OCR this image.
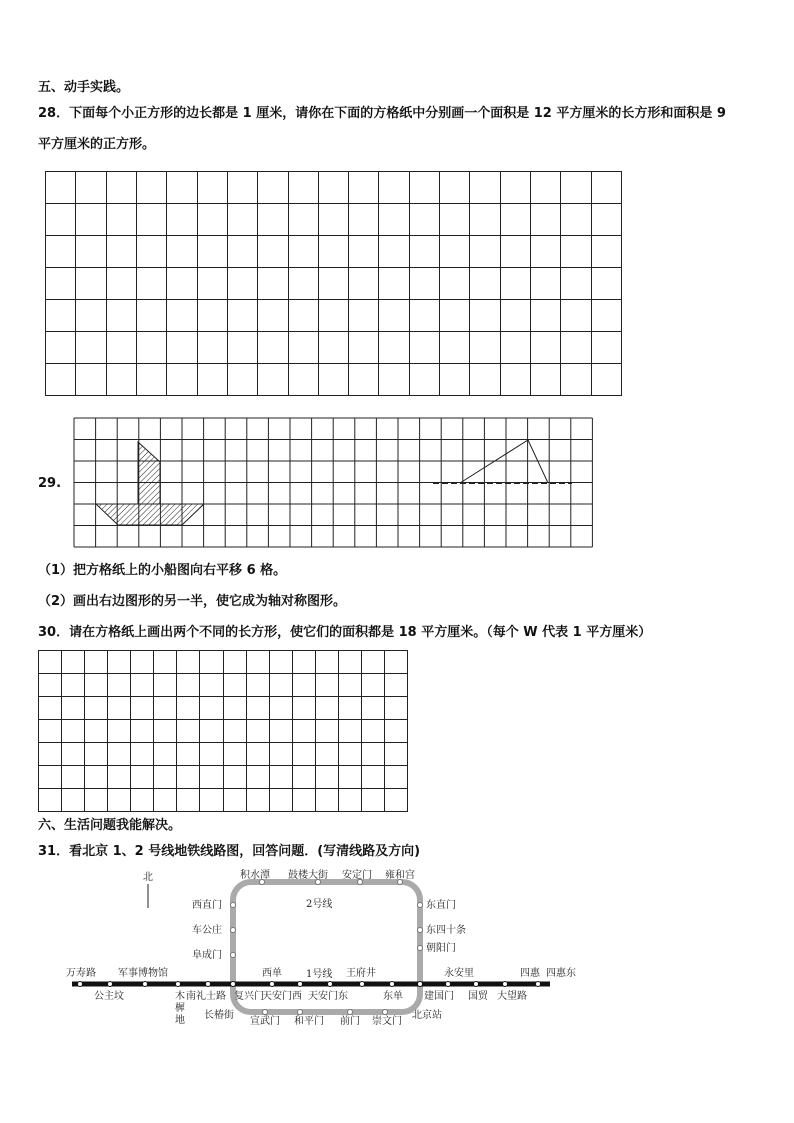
五、动手实践。
28．下面每个小正方形的边长都是 1 厘米，请你在下面的方格纸中分别画一个面积是 12 平方厘米的长方形和面积是 9
平方厘米的正方形。

29.
（1）把方格纸上的小船图向右平移 6 格。
（2）画出右边图形的另一半，使它成为轴对称图形。
30．请在方格纸上画出两个不同的长方形，使它们的面积都是 18 平方厘米。（每个 W 代表 1 平方厘米）

六、生活问题我能解决。
31．看北京 1、2 号线地铁线路图，回答问题．(写清线路及方向)
北
2号线
1号线
积水潭 鼓楼大街 安定门 雍和宫
西直门
车公庄
阜成门
东直门
东四十条
朝阳门
万寿路 军事博物馆	西单	王府井	永安里	四惠 四惠东
公主坟	木
樨
地
南礼士路 复兴门
天安门西 天安门东	东单 建国门 国贸 大望路
长椿街
宣武门 和平门 前门 崇文门
北京站
